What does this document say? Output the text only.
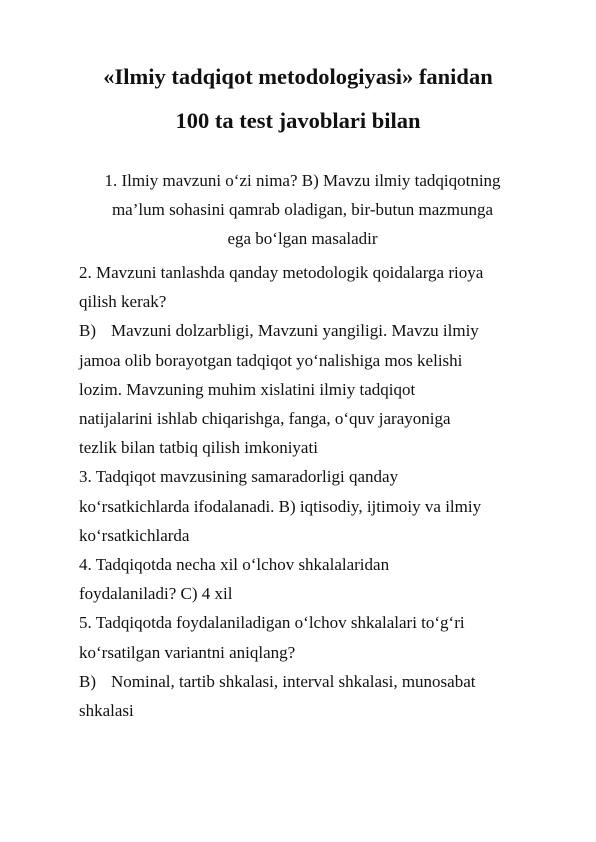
«Ilmiy tadqiqot metodologiyasi» fanidan
100 ta test javoblari bilan
1. Ilmiy mavzuni o‘zi nima? B) Mavzu ilmiy tadqiqotning
ma’lum sohasini qamrab oladigan, bir-butun mazmunga
ega bo‘lgan masaladir
2. Mavzuni tanlashda qanday metodologik qoidalarga rioya
qilish kerak?
B) Mavzuni dolzarbligi, Mavzuni yangiligi. Mavzu ilmiy
jamoa olib borayotgan tadqiqot yo‘nalishiga mos kelishi
lozim. Mavzuning muhim xislatini ilmiy tadqiqot
natijalarini ishlab chiqarishga, fanga, o‘quv jarayoniga
tezlik bilan tatbiq qilish imkoniyati
3. Tadqiqot mavzusining samaradorligi qanday
ko‘rsatkichlarda ifodalanadi. B) iqtisodiy, ijtimoiy va ilmiy
ko‘rsatkichlarda
4. Tadqiqotda necha xil o‘lchov shkalalaridan
foydalaniladi? C) 4 xil
5. Tadqiqotda foydalaniladigan o‘lchov shkalalari to‘g‘ri
ko‘rsatilgan variantni aniqlang?
B) Nominal, tartib shkalasi, interval shkalasi, munosabat
shkalasi
